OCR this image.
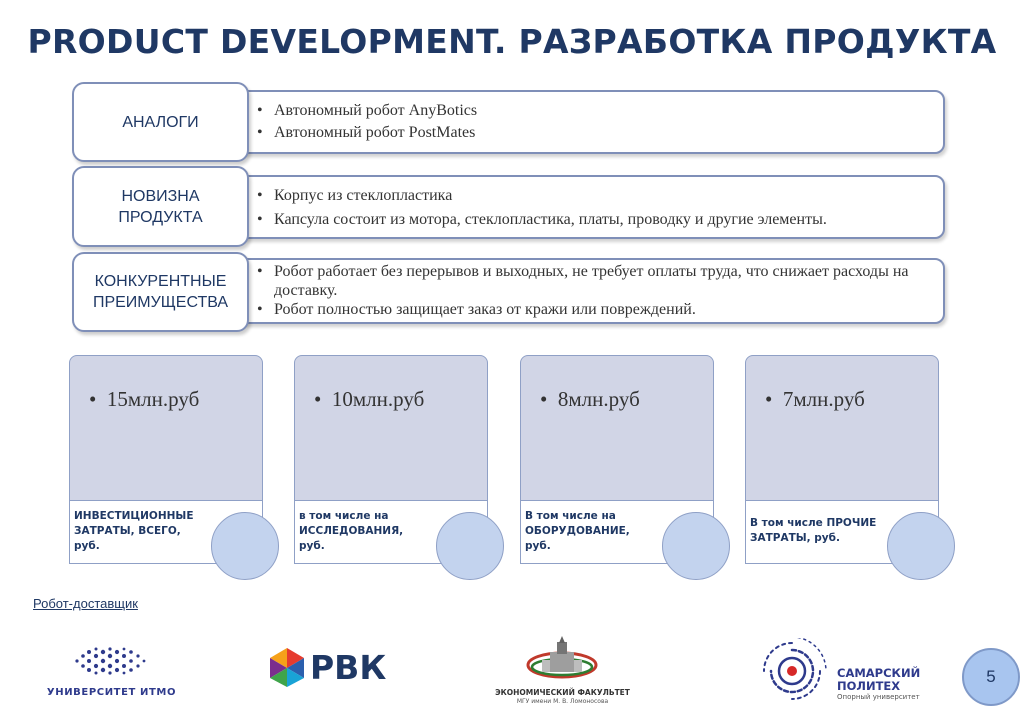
PRODUCT DEVELOPMENT. РАЗРАБОТКА ПРОДУКТА
АНАЛОГИ
• Автономный робот AnyBotics
• Автономный робот PostMates
НОВИЗНА ПРОДУКТА
• Корпус из стеклопластика
• Капсула состоит из мотора, стеклопластика, платы, проводку и другие элементы.
КОНКУРЕНТНЫЕ ПРЕИМУЩЕСТВА
• Робот работает без перерывов и выходных, не требует оплаты труда, что снижает расходы на доставку.
• Робот полностью защищает заказ от кражи или повреждений.
•  15млн.руб
ИНВЕСТИЦИОННЫЕ ЗАТРАТЫ, ВСЕГО, руб.
•  10млн.руб
в том числе на ИССЛЕДОВАНИЯ, руб.
•  8млн.руб
В том числе на ОБОРУДОВАНИЕ, руб.
•  7млн.руб
В том числе ПРОЧИЕ ЗАТРАТЫ, руб.
Робот-доставщик
УНИВЕРСИТЕТ ИТМО
РВК
ЭКОНОМИЧЕСКИЙ ФАКУЛЬТЕТ
МГУ имени М. В. Ломоносова
САМАРСКИЙ
ПОЛИТЕХ
Опорный университет
5
